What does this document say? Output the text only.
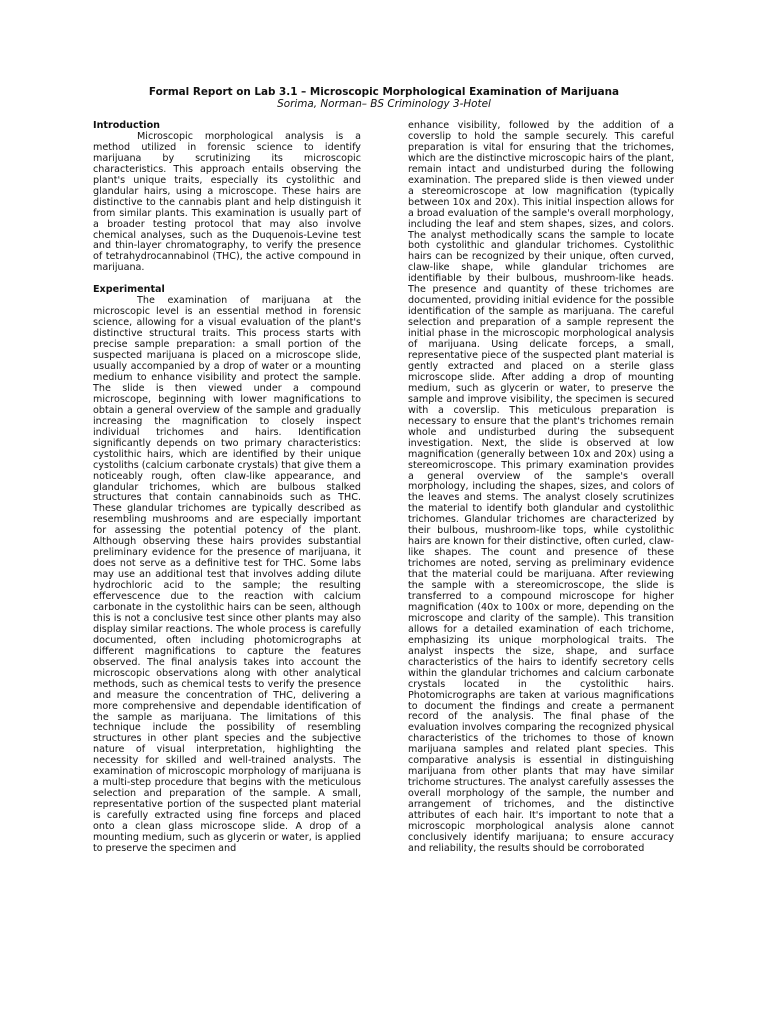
Formal Report on Lab 3.1 – Microscopic Morphological Examination of Marijuana
Sorima, Norman– BS Criminology 3-Hotel

Introduction

Microscopic morphological analysis is a method utilized in forensic science to identify marijuana by scrutinizing its microscopic characteristics. This approach entails observing the plant's unique traits, especially its cystolithic and glandular hairs, using a microscope. These hairs are distinctive to the cannabis plant and help distinguish it from similar plants. This examination is usually part of a broader testing protocol that may also involve chemical analyses, such as the Duquenois-Levine test and thin-layer chromatography, to verify the presence of tetrahydrocannabinol (THC), the active compound in marijuana.

Experimental

The examination of marijuana at the microscopic level is an essential method in forensic science, allowing for a visual evaluation of the plant's distinctive structural traits. This process starts with precise sample preparation: a small portion of the suspected marijuana is placed on a microscope slide, usually accompanied by a drop of water or a mounting medium to enhance visibility and protect the sample. The slide is then viewed under a compound microscope, beginning with lower magnifications to obtain a general overview of the sample and gradually increasing the magnification to closely inspect individual trichomes and hairs. Identification significantly depends on two primary characteristics: cystolithic hairs, which are identified by their unique cystoliths (calcium carbonate crystals) that give them a noticeably rough, often claw-like appearance, and glandular trichomes, which are bulbous stalked structures that contain cannabinoids such as THC. These glandular trichomes are typically described as resembling mushrooms and are especially important for assessing the potential potency of the plant. Although observing these hairs provides substantial preliminary evidence for the presence of marijuana, it does not serve as a definitive test for THC. Some labs may use an additional test that involves adding dilute hydrochloric acid to the sample; the resulting effervescence due to the reaction with calcium carbonate in the cystolithic hairs can be seen, although this is not a conclusive test since other plants may also display similar reactions. The whole process is carefully documented, often including photomicrographs at different magnifications to capture the features observed. The final analysis takes into account the microscopic observations along with other analytical methods, such as chemical tests to verify the presence and measure the concentration of THC, delivering a more comprehensive and dependable identification of the sample as marijuana. The limitations of this technique include the possibility of resembling structures in other plant species and the subjective nature of visual interpretation, highlighting the necessity for skilled and well-trained analysts. The examination of microscopic morphology of marijuana is a multi-step procedure that begins with the meticulous selection and preparation of the sample. A small, representative portion of the suspected plant material is carefully extracted using fine forceps and placed onto a clean glass microscope slide. A drop of a mounting medium, such as glycerin or water, is applied to preserve the specimen and

enhance visibility, followed by the addition of a coverslip to hold the sample securely. This careful preparation is vital for ensuring that the trichomes, which are the distinctive microscopic hairs of the plant, remain intact and undisturbed during the following examination. The prepared slide is then viewed under a stereomicroscope at low magnification (typically between 10x and 20x). This initial inspection allows for a broad evaluation of the sample's overall morphology, including the leaf and stem shapes, sizes, and colors. The analyst methodically scans the sample to locate both cystolithic and glandular trichomes. Cystolithic hairs can be recognized by their unique, often curved, claw-like shape, while glandular trichomes are identifiable by their bulbous, mushroom-like heads. The presence and quantity of these trichomes are documented, providing initial evidence for the possible identification of the sample as marijuana. The careful selection and preparation of a sample represent the initial phase in the microscopic morphological analysis of marijuana. Using delicate forceps, a small, representative piece of the suspected plant material is gently extracted and placed on a sterile glass microscope slide. After adding a drop of mounting medium, such as glycerin or water, to preserve the sample and improve visibility, the specimen is secured with a coverslip. This meticulous preparation is necessary to ensure that the plant's trichomes remain whole and undisturbed during the subsequent investigation. Next, the slide is observed at low magnification (generally between 10x and 20x) using a stereomicroscope. This primary examination provides a general overview of the sample's overall morphology, including the shapes, sizes, and colors of the leaves and stems. The analyst closely scrutinizes the material to identify both glandular and cystolithic trichomes. Glandular trichomes are characterized by their bulbous, mushroom-like tops, while cystolithic hairs are known for their distinctive, often curled, claw-like shapes. The count and presence of these trichomes are noted, serving as preliminary evidence that the material could be marijuana. After reviewing the sample with a stereomicroscope, the slide is transferred to a compound microscope for higher magnification (40x to 100x or more, depending on the microscope and clarity of the sample). This transition allows for a detailed examination of each trichome, emphasizing its unique morphological traits. The analyst inspects the size, shape, and surface characteristics of the hairs to identify secretory cells within the glandular trichomes and calcium carbonate crystals located in the cystolithic hairs. Photomicrographs are taken at various magnifications to document the findings and create a permanent record of the analysis. The final phase of the evaluation involves comparing the recognized physical characteristics of the trichomes to those of known marijuana samples and related plant species. This comparative analysis is essential in distinguishing marijuana from other plants that may have similar trichome structures. The analyst carefully assesses the overall morphology of the sample, the number and arrangement of trichomes, and the distinctive attributes of each hair. It's important to note that a microscopic morphological analysis alone cannot conclusively identify marijuana; to ensure accuracy and reliability, the results should be corroborated
